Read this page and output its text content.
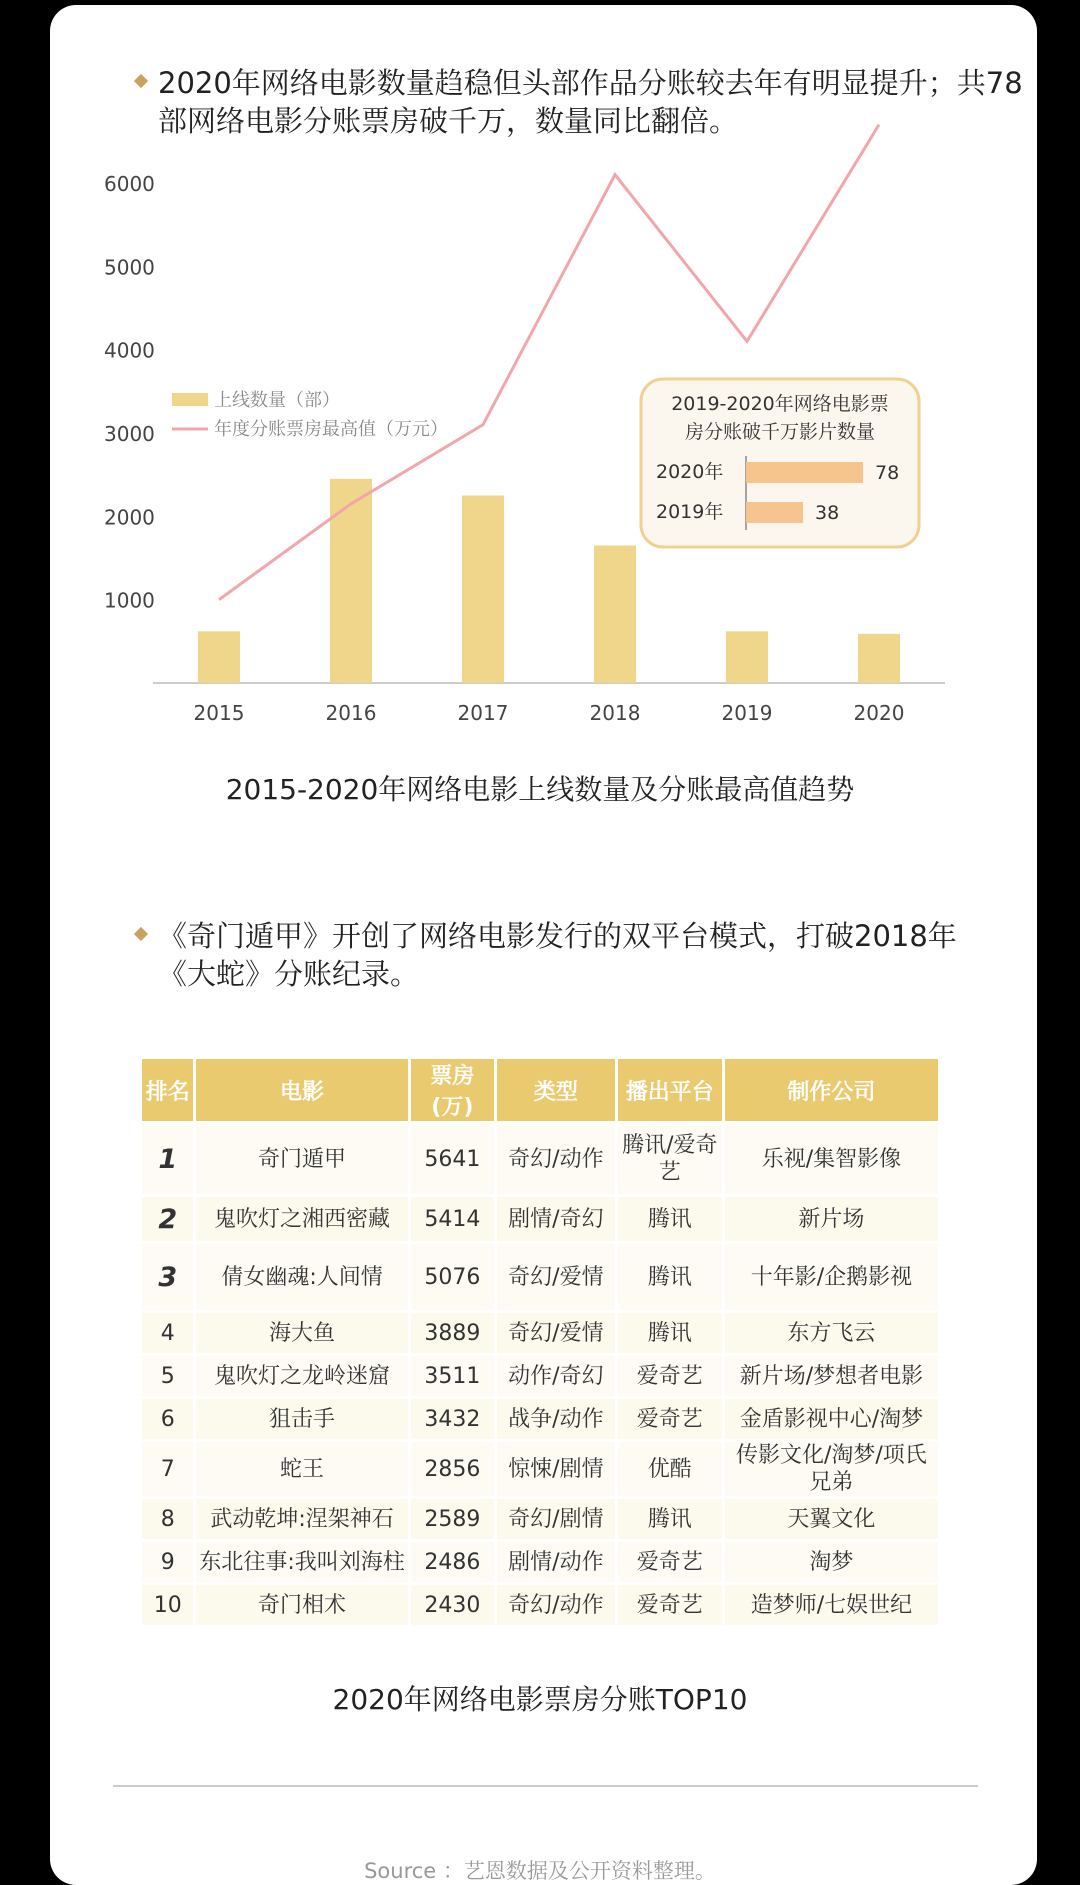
2020年网络电影数量趋稳但头部作品分账较去年有明显提升；共78部网络电影分账票房破千万，数量同比翻倍。
1000
2000
3000
4000
5000
6000
2015	2016	2017	2018	2019	2020
上线数量（部）
年度分账票房最高值（万元）
2019-2020年网络电影票
房分账破千万影片数量
2020年	78
2019年	38
2015-2020年网络电影上线数量及分账最高值趋势
《奇门遁甲》开创了网络电影发行的双平台模式，打破2018年《大蛇》分账纪录。
排名	电影	票房(万)	类型	播出平台	制作公司
1	奇门遁甲	5641	奇幻/动作	腾讯/爱奇艺	乐视/集智影像
2	鬼吹灯之湘西密藏	5414	剧情/奇幻	腾讯	新片场
3	倩女幽魂:人间情	5076	奇幻/爱情	腾讯	十年影/企鹅影视
4	海大鱼	3889	奇幻/爱情	腾讯	东方飞云
5	鬼吹灯之龙岭迷窟	3511	动作/奇幻	爱奇艺	新片场/梦想者电影
6	狙击手	3432	战争/动作	爱奇艺	金盾影视中心/淘梦
7	蛇王	2856	惊悚/剧情	优酷	传影文化/淘梦/项氏兄弟
8	武动乾坤:涅架神石	2589	奇幻/剧情	腾讯	天翼文化
9	东北往事:我叫刘海柱	2486	剧情/动作	爱奇艺	淘梦
10	奇门相术	2430	奇幻/动作	爱奇艺	造梦师/七娱世纪
2020年网络电影票房分账TOP10
Source ：艺恩数据及公开资料整理。
